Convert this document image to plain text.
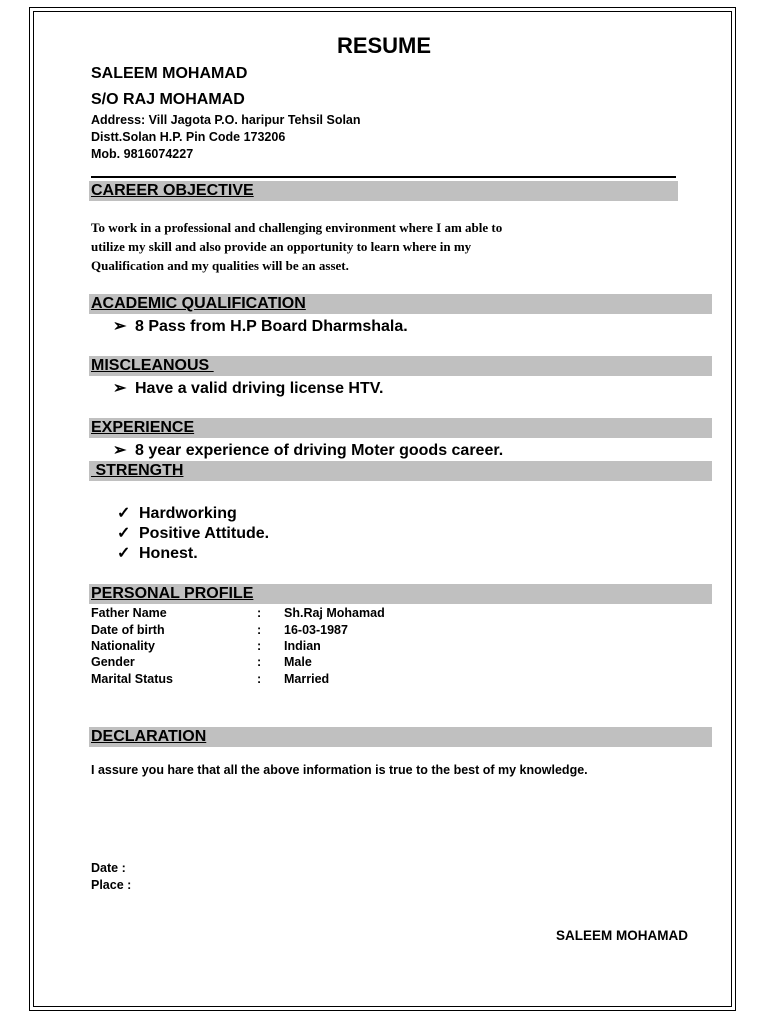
RESUME
SALEEM MOHAMAD
S/O RAJ MOHAMAD
Address: Vill Jagota P.O. haripur Tehsil Solan
Distt.Solan H.P. Pin Code 173206
Mob. 9816074227
CAREER OBJECTIVE
To work in a professional and challenging environment where I am able to
utilize my skill and also provide an opportunity to learn where in my
Qualification and my qualities will be an asset.
ACADEMIC QUALIFICATION
➢ 8 Pass from H.P Board Dharmshala.
MISCLEANOUS
➢ Have a valid driving license HTV.
EXPERIENCE
➢ 8 year experience of driving Moter goods career.
STRENGTH
✓ Hardworking
✓ Positive Attitude.
✓ Honest.
PERSONAL PROFILE
Father Name	: Sh.Raj Mohamad
Date of birth	: 16-03-1987
Nationality	: Indian
Gender	: Male
Marital Status	: Married
DECLARATION
I assure you hare that all the above information is true to the best of my knowledge.
Date :
Place :
SALEEM MOHAMAD
